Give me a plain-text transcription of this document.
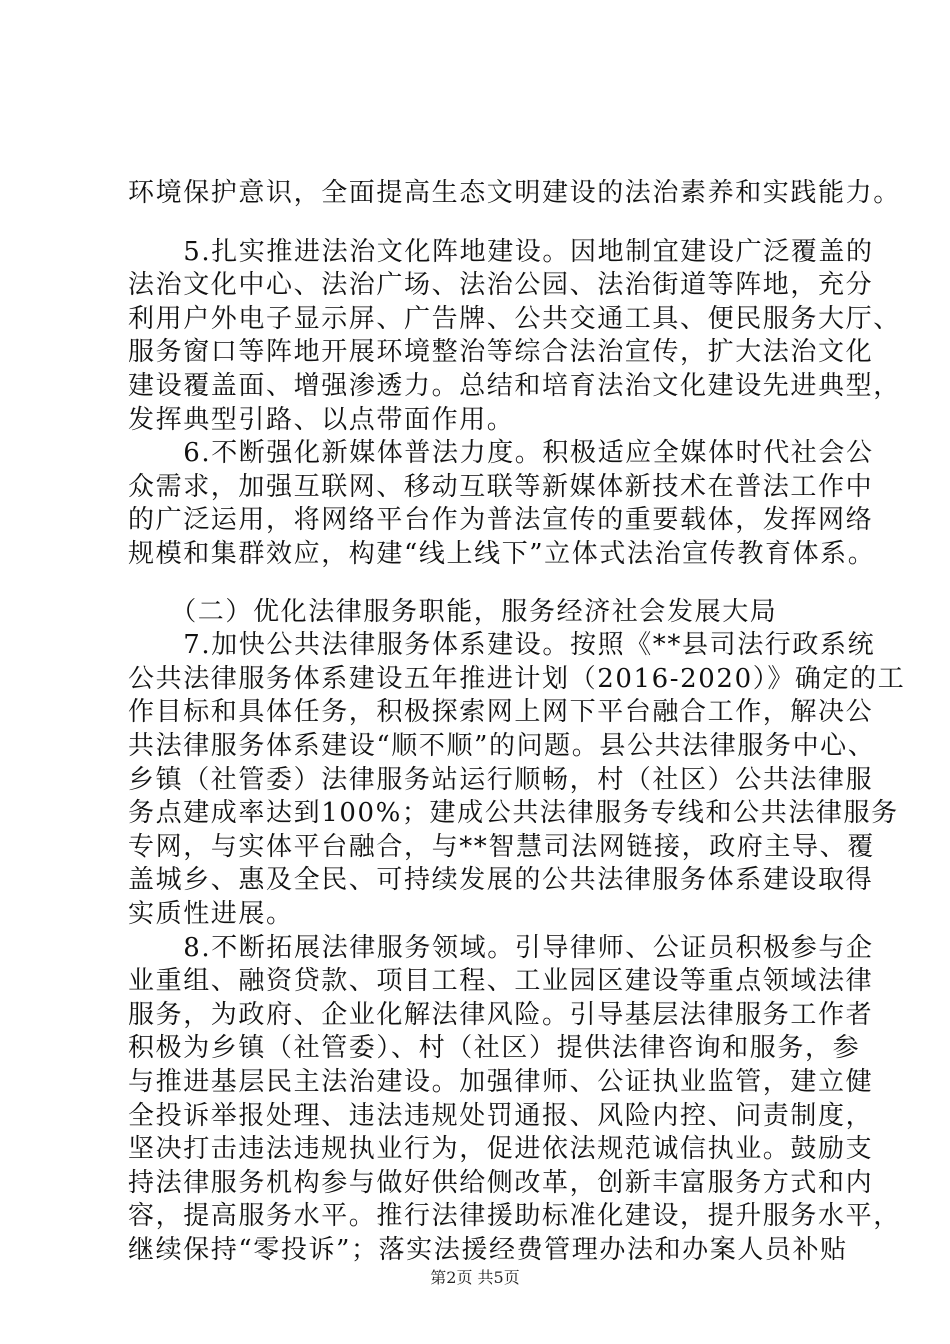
环境保护意识，全面提高生态文明建设的法治素养和实践能力。
　　5.扎实推进法治文化阵地建设。因地制宜建设广泛覆盖的
法治文化中心、法治广场、法治公园、法治街道等阵地，充分
利用户外电子显示屏、广告牌、公共交通工具、便民服务大厅、
服务窗口等阵地开展环境整治等综合法治宣传，扩大法治文化
建设覆盖面、增强渗透力。总结和培育法治文化建设先进典型，
发挥典型引路、以点带面作用。
　　6.不断强化新媒体普法力度。积极适应全媒体时代社会公
众需求，加强互联网、移动互联等新媒体新技术在普法工作中
的广泛运用，将网络平台作为普法宣传的重要载体，发挥网络
规模和集群效应，构建“线上线下”立体式法治宣传教育体系。
　　（二）优化法律服务职能，服务经济社会发展大局
　　7.加快公共法律服务体系建设。按照《**县司法行政系统
公共法律服务体系建设五年推进计划（2016-2020）》确定的工
作目标和具体任务，积极探索网上网下平台融合工作，解决公
共法律服务体系建设“顺不顺”的问题。县公共法律服务中心、
乡镇（社管委）法律服务站运行顺畅，村（社区）公共法律服
务点建成率达到100%；建成公共法律服务专线和公共法律服务
专网，与实体平台融合，与**智慧司法网链接，政府主导、覆
盖城乡、惠及全民、可持续发展的公共法律服务体系建设取得
实质性进展。
　　8.不断拓展法律服务领域。引导律师、公证员积极参与企
业重组、融资贷款、项目工程、工业园区建设等重点领域法律
服务，为政府、企业化解法律风险。引导基层法律服务工作者
积极为乡镇（社管委）、村（社区）提供法律咨询和服务，参
与推进基层民主法治建设。加强律师、公证执业监管，建立健
全投诉举报处理、违法违规处罚通报、风险内控、问责制度，
坚决打击违法违规执业行为，促进依法规范诚信执业。鼓励支
持法律服务机构参与做好供给侧改革，创新丰富服务方式和内
第2页 共5页
容，提高服务水平。推行法律援助标准化建设，提升服务水平，
继续保持“零投诉”；落实法援经费管理办法和办案人员补贴
